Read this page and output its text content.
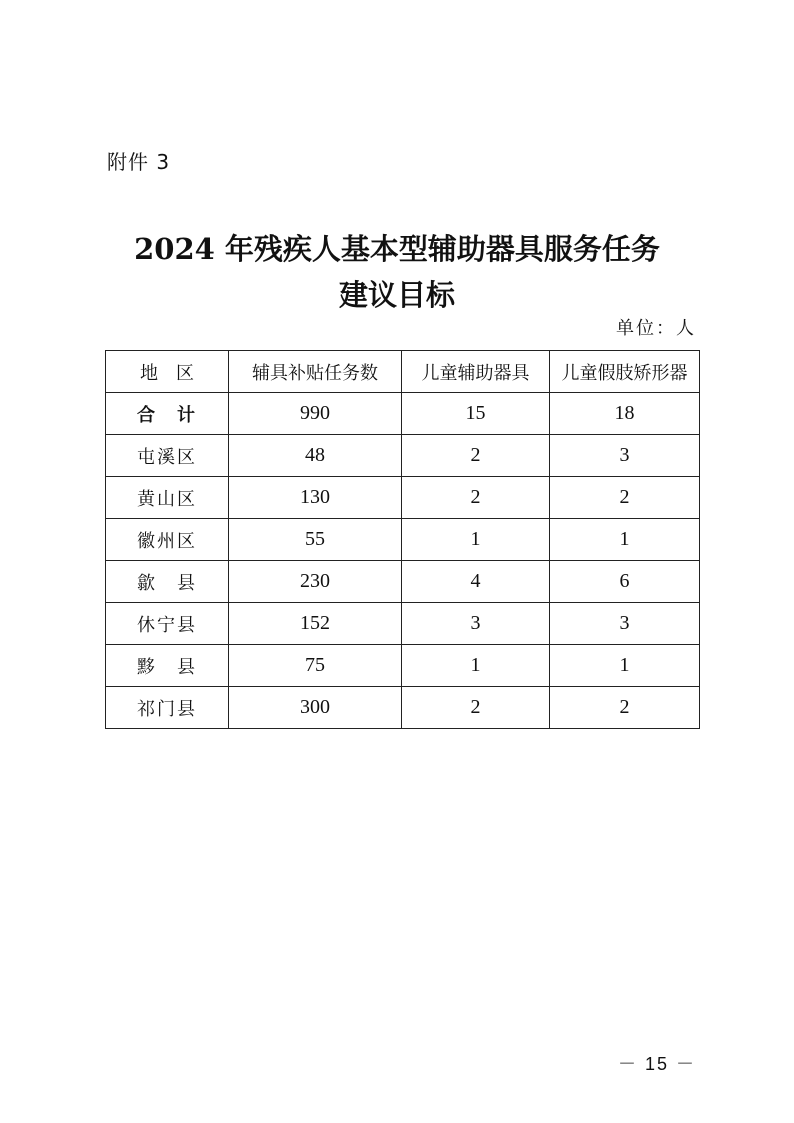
附件 3
2024 年残疾人基本型辅助器具服务任务
建议目标
单位：人
地　区	辅具补贴任务数	儿童辅助器具	儿童假肢矫形器
合　计	990	15	18
屯溪区	48	2	3
黄山区	130	2	2
徽州区	55	1	1
歙　县	230	4	6
休宁县	152	3	3
黟　县	75	1	1
祁门县	300	2	2
－ 15 －
